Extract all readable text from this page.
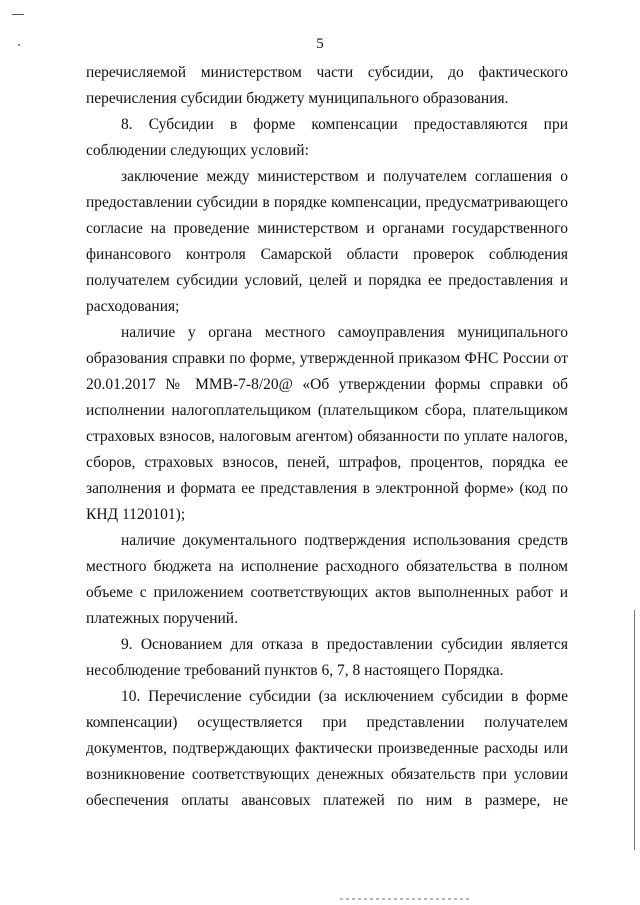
5

перечисляемой министерством части субсидии, до фактического перечисления субсидии бюджету муниципального образования.

8. Субсидии в форме компенсации предоставляются при соблюдении следующих условий:

заключение между министерством и получателем соглашения о предоставлении субсидии в порядке компенсации, предусматривающего согласие на проведение министерством и органами государственного финансового контроля Самарской области проверок соблюдения получателем субсидии условий, целей и порядка ее предоставления и расходования;

наличие у органа местного самоуправления муниципального образования справки по форме, утвержденной приказом ФНС России от 20.01.2017 № ММВ-7-8/20@ «Об утверждении формы справки об исполнении налогоплательщиком (плательщиком сбора, плательщиком страховых взносов, налоговым агентом) обязанности по уплате налогов, сборов, страховых взносов, пеней, штрафов, процентов, порядка ее заполнения и формата ее представления в электронной форме» (код по КНД 1120101);

наличие документального подтверждения использования средств местного бюджета на исполнение расходного обязательства в полном объеме с приложением соответствующих актов выполненных работ и платежных поручений.

9. Основанием для отказа в предоставлении субсидии является несоблюдение требований пунктов 6, 7, 8 настоящего Порядка.

10. Перечисление субсидии (за исключением субсидии в форме компенсации) осуществляется при представлении получателем документов, подтверждающих фактически произведенные расходы или возникновение соответствующих денежных обязательств при условии обеспечения оплаты авансовых платежей по ним в размере, не
